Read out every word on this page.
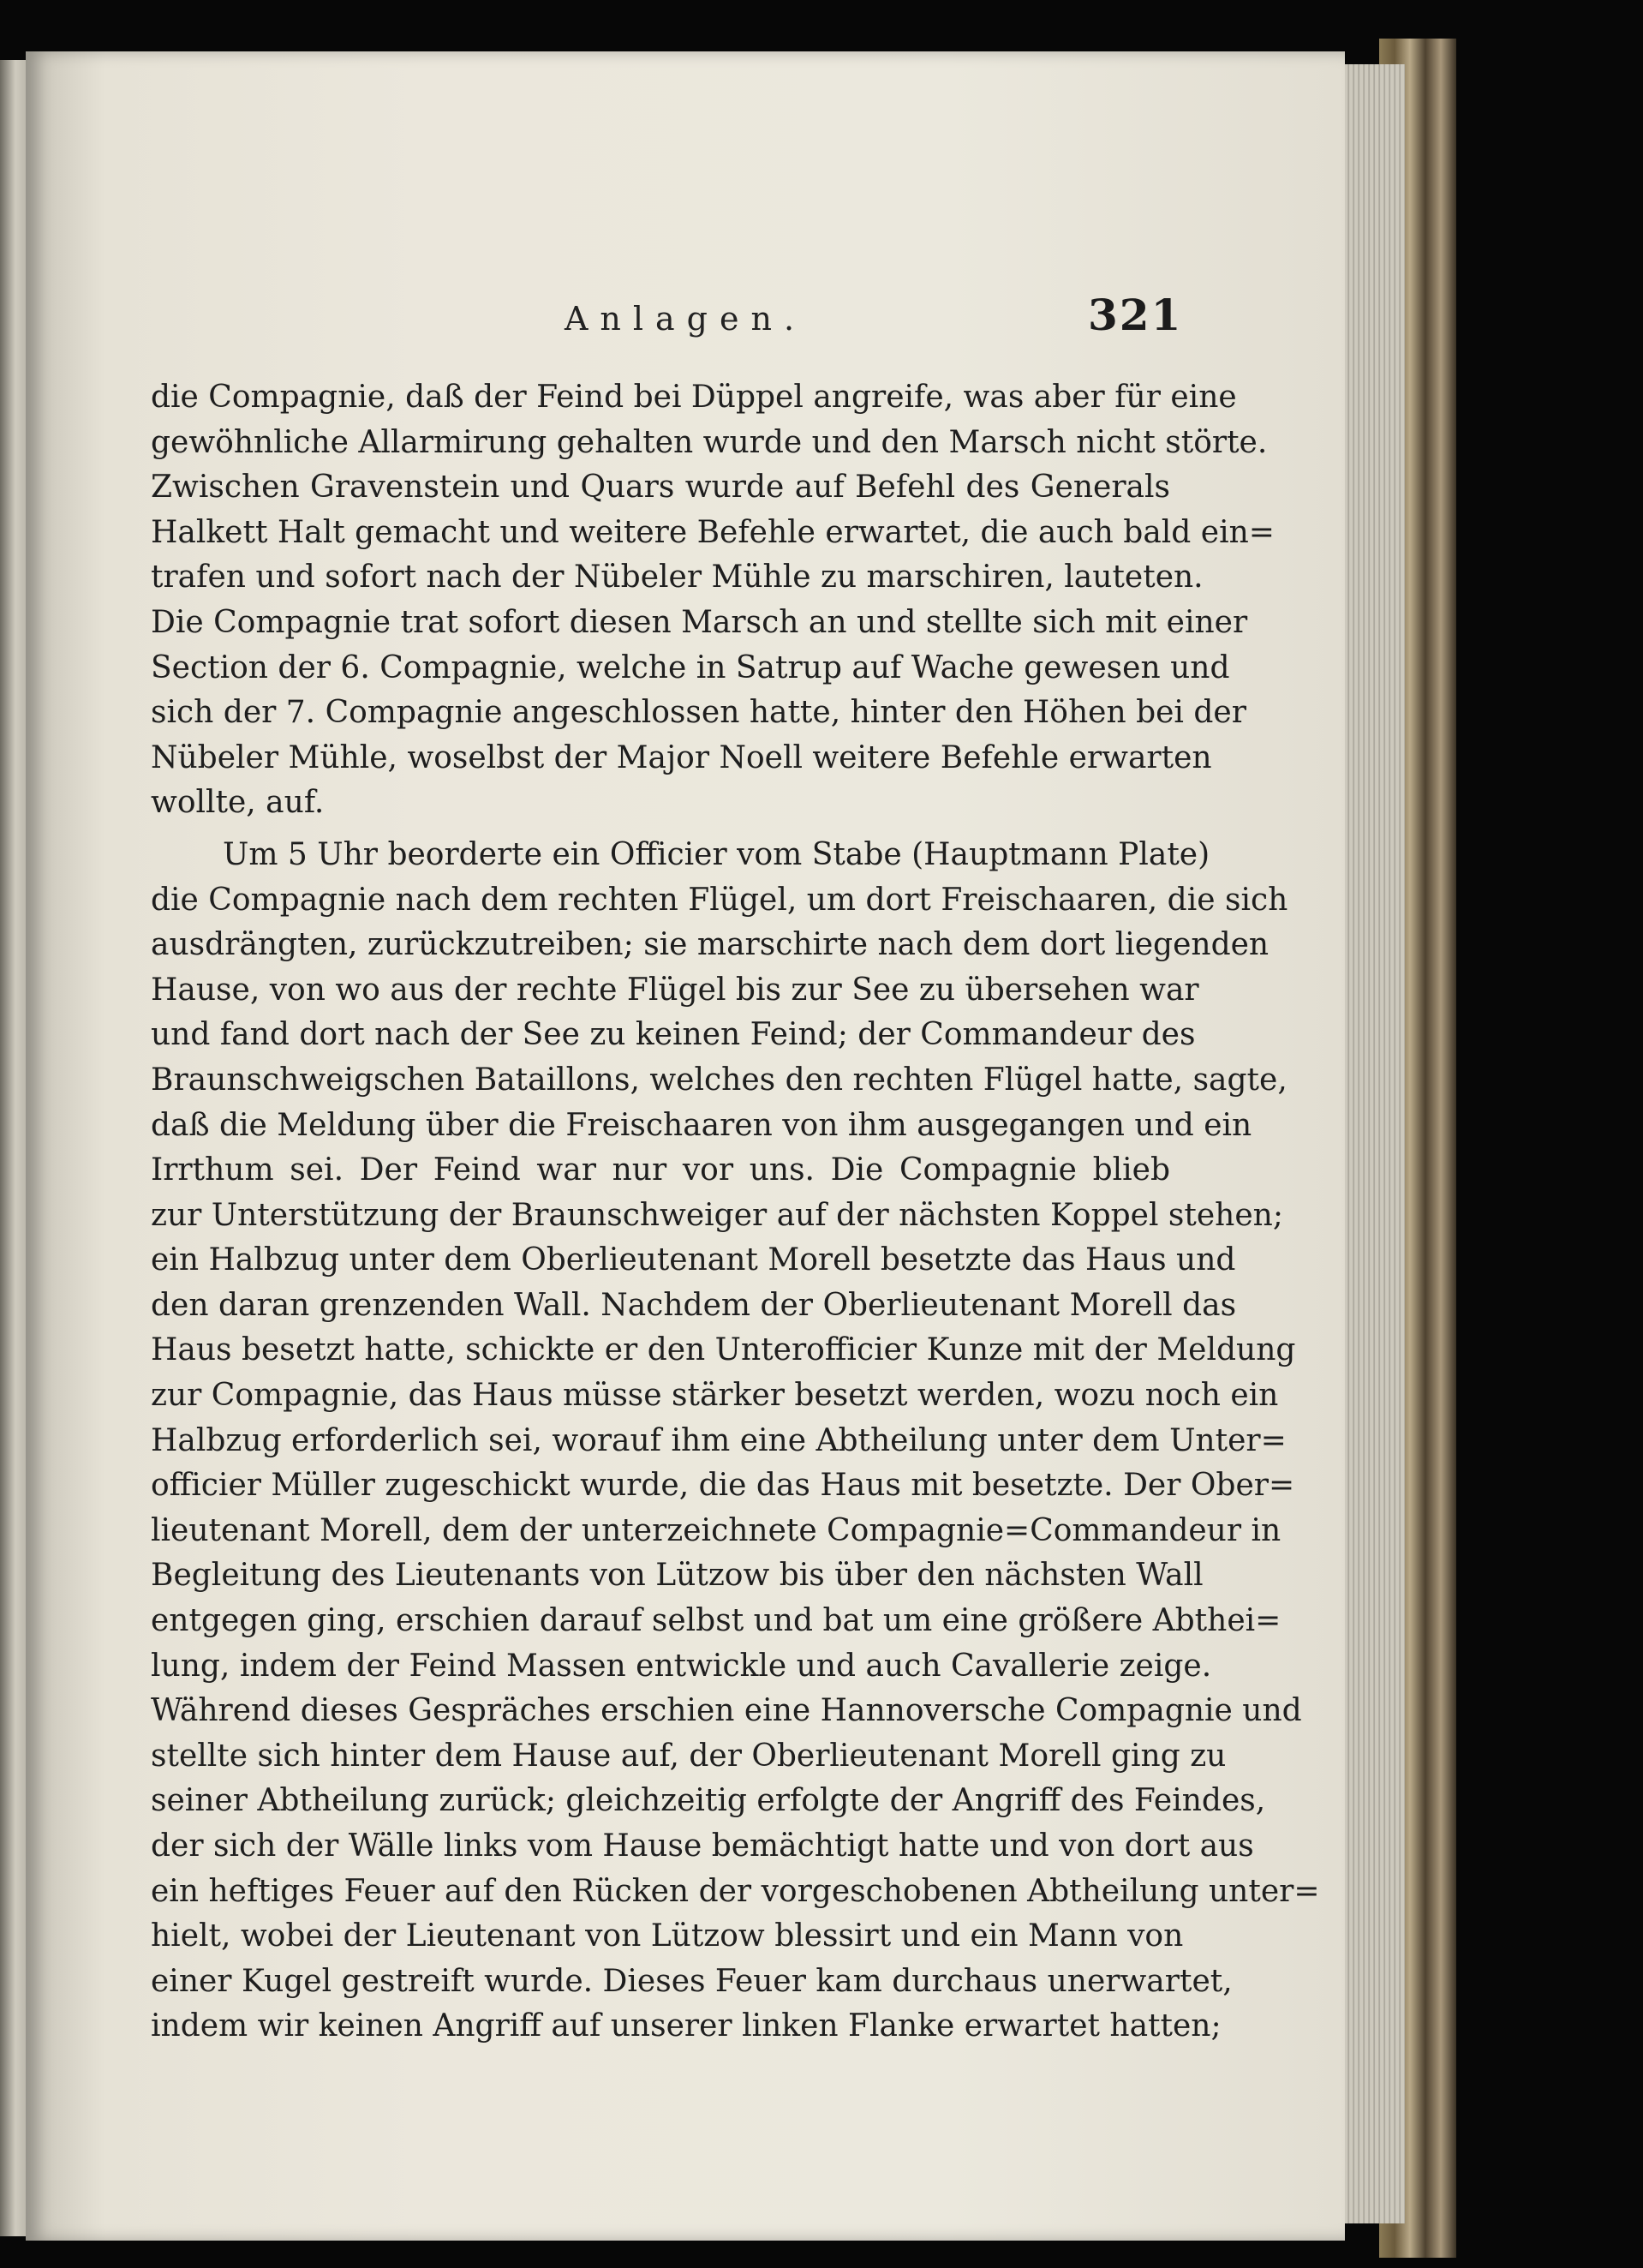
Anlagen.	321
die Compagnie, daß der Feind bei Düppel angreife, was aber für eine
gewöhnliche Allarmirung gehalten wurde und den Marsch nicht störte.
Zwischen Gravenstein und Quars wurde auf Befehl des Generals
Halkett Halt gemacht und weitere Befehle erwartet, die auch bald ein=
trafen und sofort nach der Nübeler Mühle zu marschiren, lauteten.
Die Compagnie trat sofort diesen Marsch an und stellte sich mit einer
Section der 6. Compagnie, welche in Satrup auf Wache gewesen und
sich der 7. Compagnie angeschlossen hatte, hinter den Höhen bei der
Nübeler Mühle, woselbst der Major Noell weitere Befehle erwarten
wollte, auf.
Um 5 Uhr beorderte ein Officier vom Stabe (Hauptmann Plate)
die Compagnie nach dem rechten Flügel, um dort Freischaaren, die sich
ausdrängten, zurückzutreiben; sie marschirte nach dem dort liegenden
Hause, von wo aus der rechte Flügel bis zur See zu übersehen war
und fand dort nach der See zu keinen Feind; der Commandeur des
Braunschweigschen Bataillons, welches den rechten Flügel hatte, sagte,
daß die Meldung über die Freischaaren von ihm ausgegangen und ein
Irrthum sei. Der Feind war nur vor uns. Die Compagnie blieb
zur Unterstützung der Braunschweiger auf der nächsten Koppel stehen;
ein Halbzug unter dem Oberlieutenant Morell besetzte das Haus und
den daran grenzenden Wall. Nachdem der Oberlieutenant Morell das
Haus besetzt hatte, schickte er den Unterofficier Kunze mit der Meldung
zur Compagnie, das Haus müsse stärker besetzt werden, wozu noch ein
Halbzug erforderlich sei, worauf ihm eine Abtheilung unter dem Unter=
officier Müller zugeschickt wurde, die das Haus mit besetzte. Der Ober=
lieutenant Morell, dem der unterzeichnete Compagnie=Commandeur in
Begleitung des Lieutenants von Lützow bis über den nächsten Wall
entgegen ging, erschien darauf selbst und bat um eine größere Abthei=
lung, indem der Feind Massen entwickle und auch Cavallerie zeige.
Während dieses Gespräches erschien eine Hannoversche Compagnie und
stellte sich hinter dem Hause auf, der Oberlieutenant Morell ging zu
seiner Abtheilung zurück; gleichzeitig erfolgte der Angriff des Feindes,
der sich der Wälle links vom Hause bemächtigt hatte und von dort aus
ein heftiges Feuer auf den Rücken der vorgeschobenen Abtheilung unter=
hielt, wobei der Lieutenant von Lützow blessirt und ein Mann von
einer Kugel gestreift wurde. Dieses Feuer kam durchaus unerwartet,
indem wir keinen Angriff auf unserer linken Flanke erwartet hatten;
